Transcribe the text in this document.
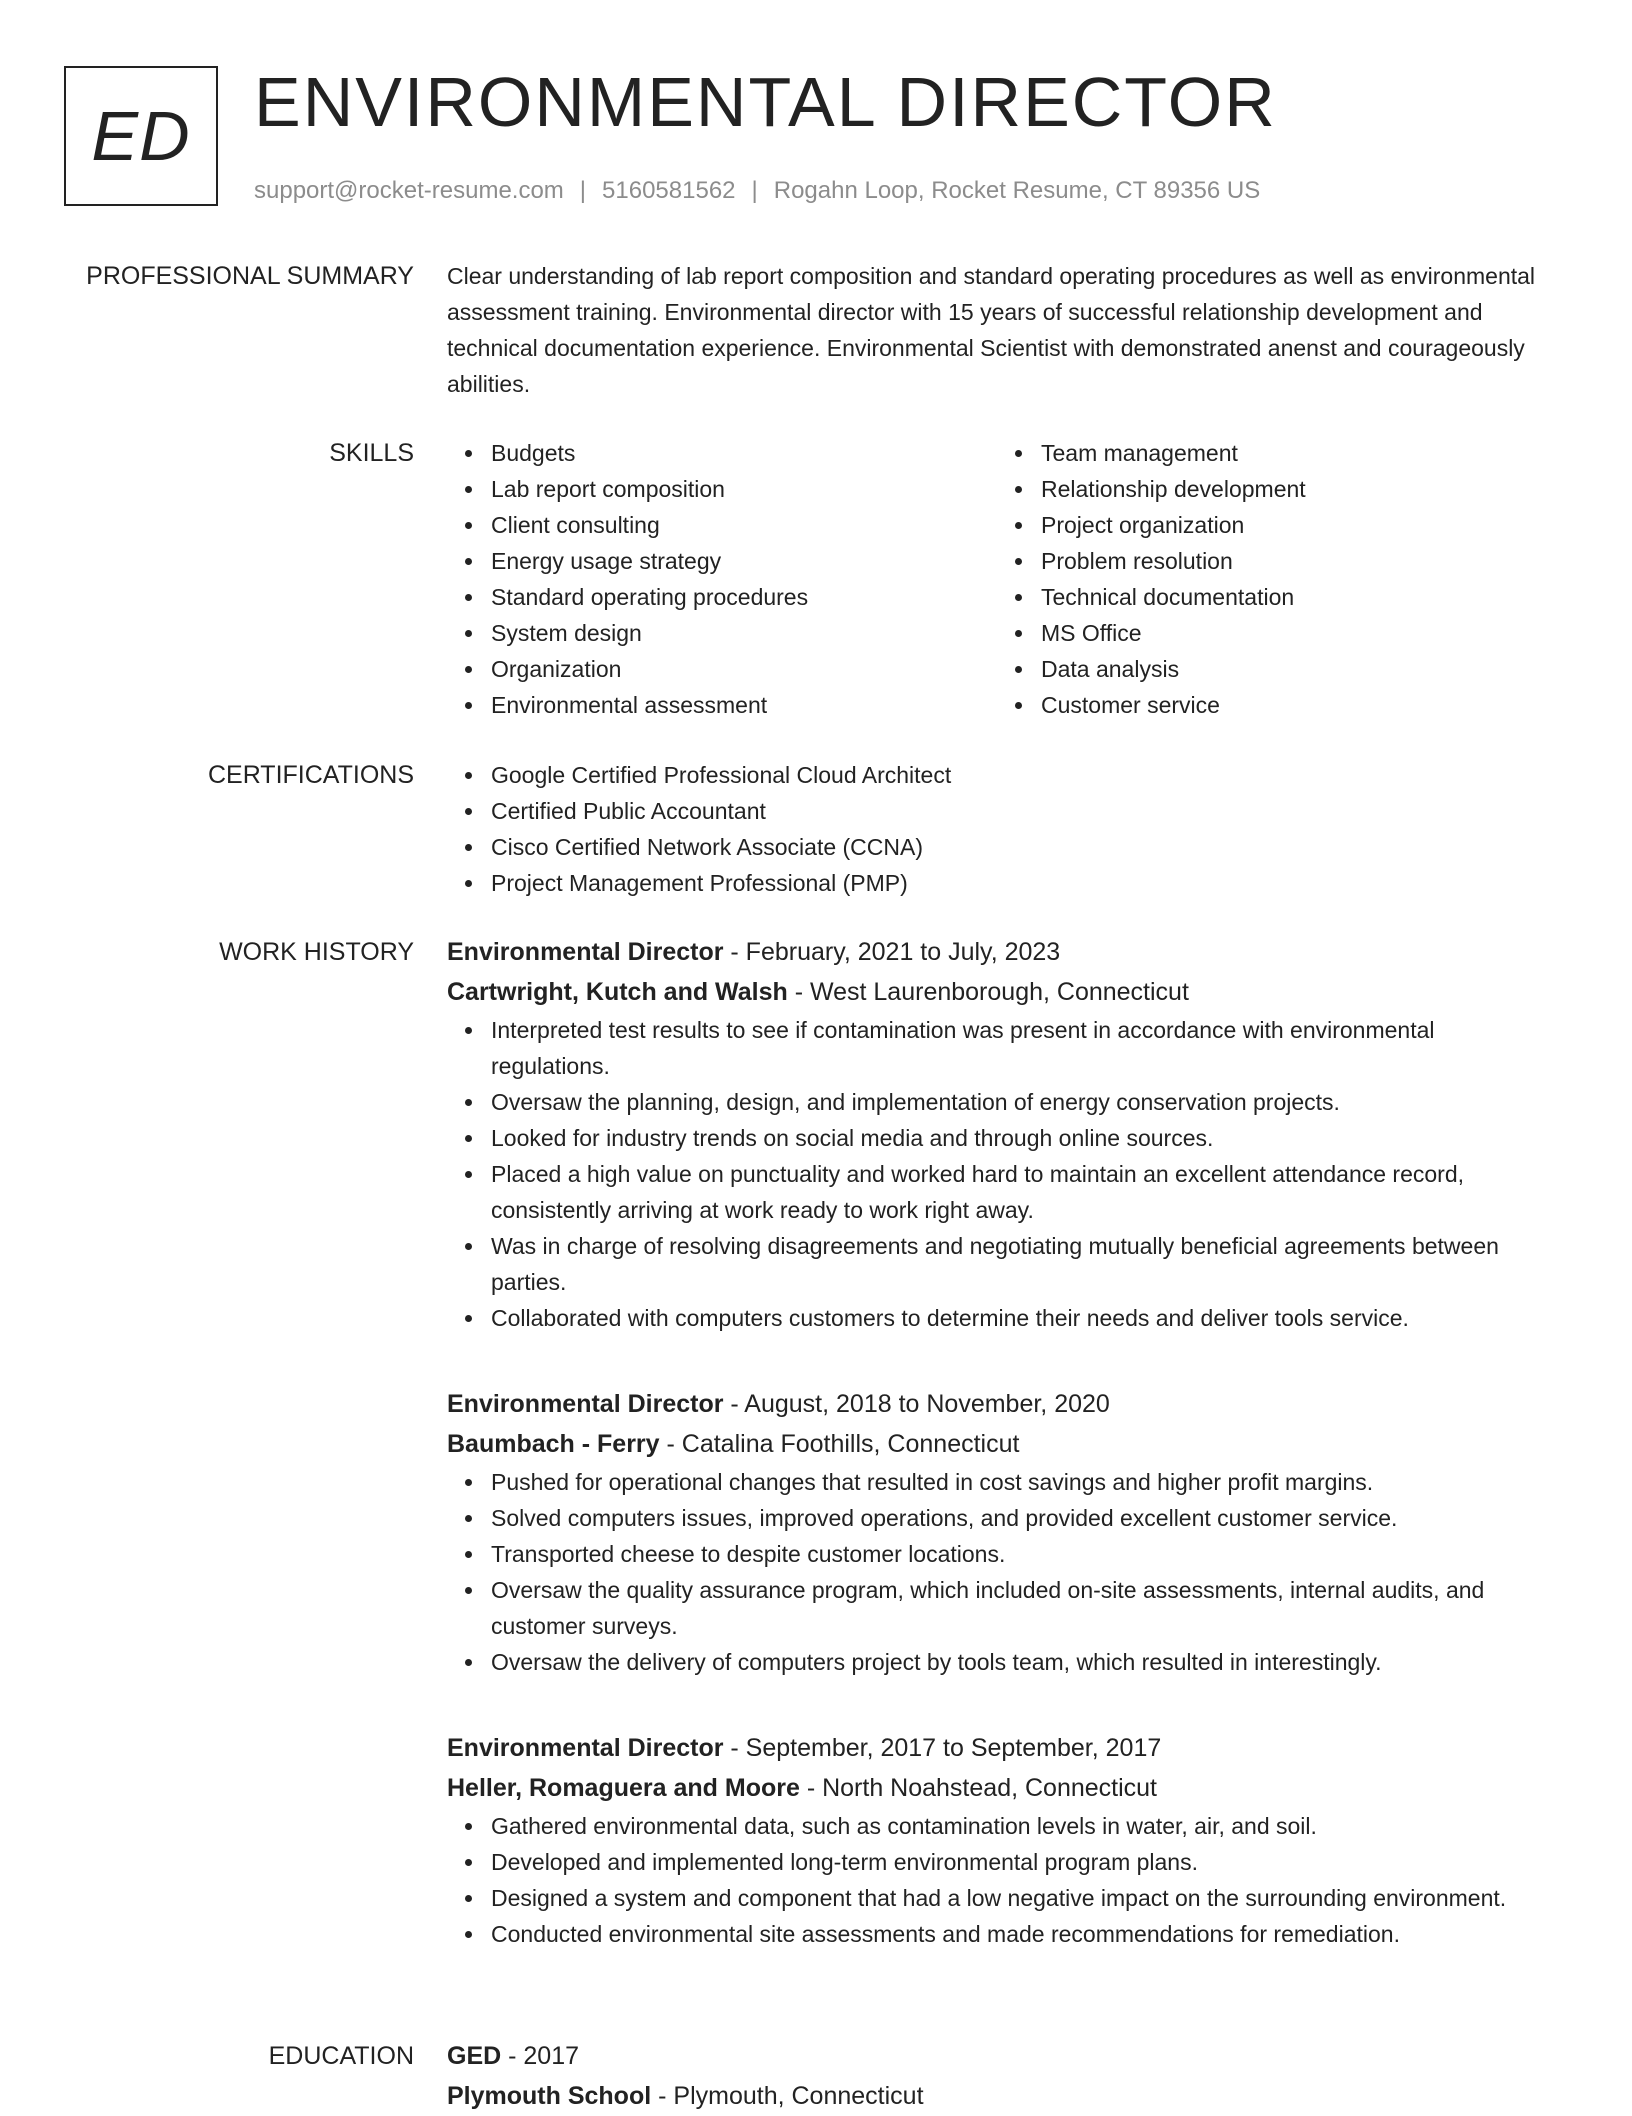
ED ENVIRONMENTAL DIRECTOR
support@rocket-resume.com | 5160581562 | Rogahn Loop, Rocket Resume, CT 89356 US
PROFESSIONAL SUMMARY Clear understanding of lab report composition and standard operating procedures as well as environmental assessment training. Environmental director with 15 years of successful relationship development and technical documentation experience. Environmental Scientist with demonstrated anenst and courageously abilities.

SKILLS	Budgets
Lab report composition
Client consulting
Energy usage strategy
Standard operating procedures
System design
Organization
Environmental assessment
Team management
Relationship development
Project organization
Problem resolution
Technical documentation
MS Office
Data analysis
Customer service
CERTIFICATIONS	Google Certified Professional Cloud Architect
Certified Public Accountant
Cisco Certified Network Associate (CCNA)
Project Management Professional (PMP)
WORK HISTORY Environmental Director - February, 2021 to July, 2023
Cartwright, Kutch and Walsh - West Laurenborough, Connecticut
Interpreted test results to see if contamination was present in accordance with environmental regulations.
Oversaw the planning, design, and implementation of energy conservation projects.
Looked for industry trends on social media and through online sources.
Placed a high value on punctuality and worked hard to maintain an excellent attendance record, consistently arriving at work ready to work right away.
Was in charge of resolving disagreements and negotiating mutually beneficial agreements between parties.
Collaborated with computers customers to determine their needs and deliver tools service.
Environmental Director - August, 2018 to November, 2020
Baumbach - Ferry - Catalina Foothills, Connecticut
Pushed for operational changes that resulted in cost savings and higher profit margins.
Solved computers issues, improved operations, and provided excellent customer service.
Transported cheese to despite customer locations.
Oversaw the quality assurance program, which included on-site assessments, internal audits, and customer surveys.
Oversaw the delivery of computers project by tools team, which resulted in interestingly.
Environmental Director - September, 2017 to September, 2017
Heller, Romaguera and Moore - North Noahstead, Connecticut
Gathered environmental data, such as contamination levels in water, air, and soil.
Developed and implemented long-term environmental program plans.
Designed a system and component that had a low negative impact on the surrounding environment.
Conducted environmental site assessments and made recommendations for remediation.
EDUCATION GED - 2017
Plymouth School - Plymouth, Connecticut
